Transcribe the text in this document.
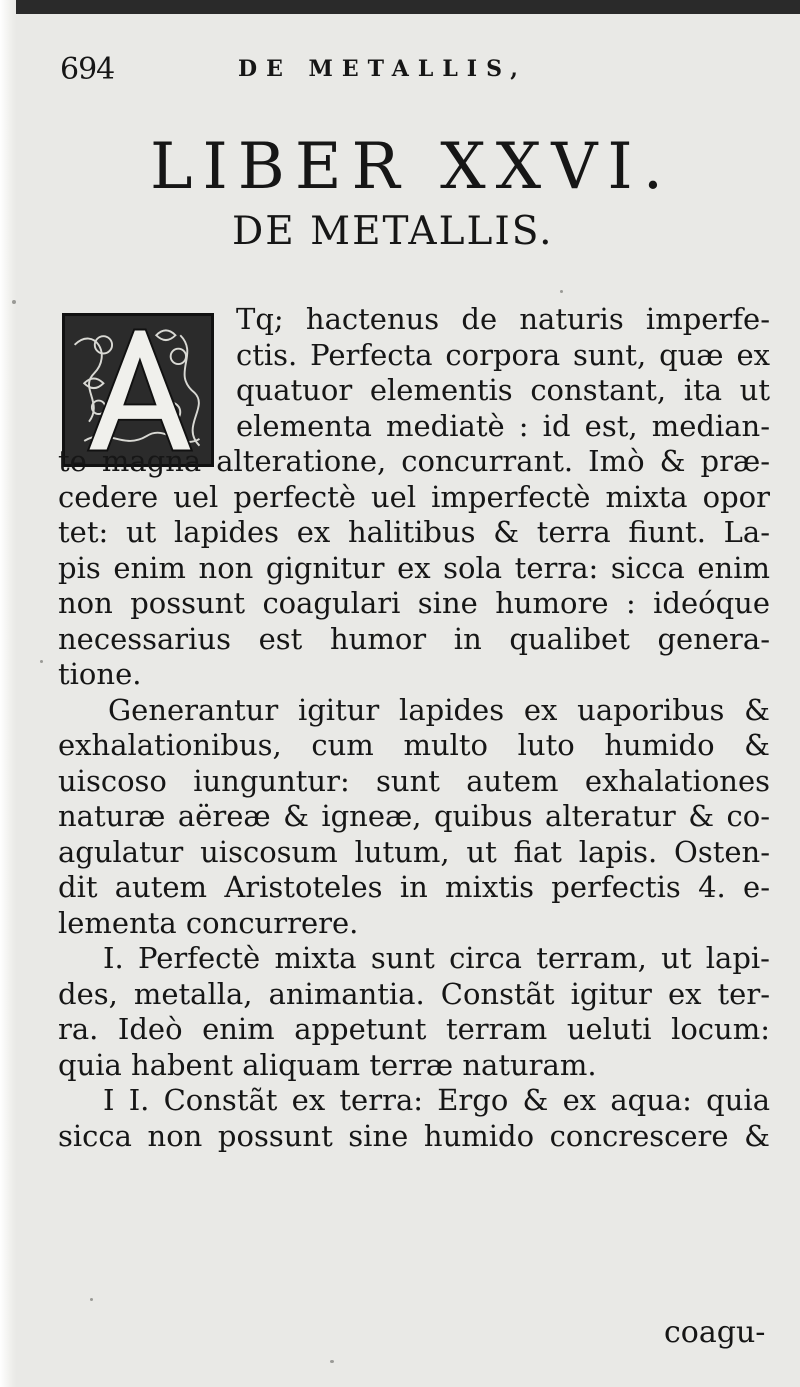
694	DE METALLIS,
LIBER XXVI.
DE METALLIS.
Tq; hactenus de naturis imperfe-
ctis. Perfecta corpora sunt, quæ ex
quatuor elementis constant, ita ut
elementa mediatè : id est, median-
te magna alteratione, concurrant. Imò & præ-
cedere uel perfectè uel imperfectè mixta opor
tet: ut lapides ex halitibus & terra fiunt. La-
pis enim non gignitur ex sola terra: sicca enim
non possunt coagulari sine humore : ideóque
necessarius est humor in qualibet genera-
tione.
Generantur igitur lapides ex uaporibus &
exhalationibus, cum multo luto humido &
uiscoso iunguntur: sunt autem exhalationes
naturæ aëreæ & igneæ, quibus alteratur & co-
agulatur uiscosum lutum, ut fiat lapis. Osten-
dit autem Aristoteles in mixtis perfectis 4. e-
lementa concurrere.
I. Perfectè mixta sunt circa terram, ut lapi-
des, metalla, animantia. Constãt igitur ex ter-
ra. Ideò enim appetunt terram ueluti locum:
quia habent aliquam terræ naturam.
I I. Constãt ex terra: Ergo & ex aqua: quia
sicca non possunt sine humido concrescere &
coagu-
